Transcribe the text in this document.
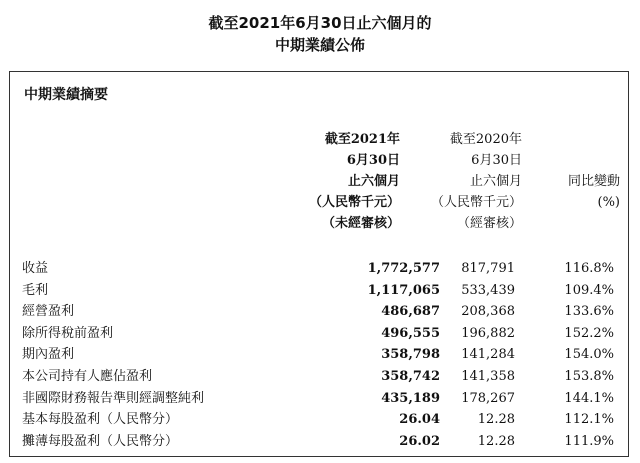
截至2021年6月30日止六個月的
中期業績公佈
中期業績摘要
截至2021年
6月30日
止六個月
（人民幣千元）
（未經審核）
截至2020年
6月30日
止六個月
（人民幣千元）
（經審核）
同比變動
(%)
收益	1,772,577 817,791	116.8%
毛利	1,117,065 533,439	109.4%
經營盈利	486,687 208,368	133.6%
除所得稅前盈利	496,555 196,882	152.2%
期內盈利	358,798 141,284	154.0%
本公司持有人應佔盈利	358,742 141,358	153.8%
非國際財務報告準則經調整純利	435,189 178,267	144.1%
基本每股盈利（人民幣分）	26.04	12.28	112.1%
攤薄每股盈利（人民幣分）	26.02	12.28	111.9%
